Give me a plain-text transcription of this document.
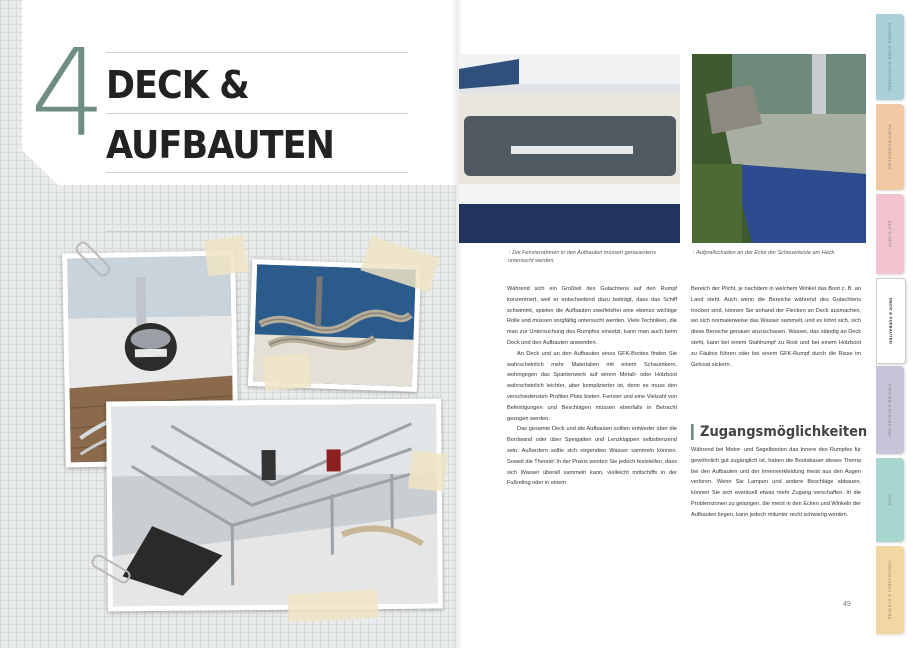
4 DECK &
AUFBAUTEN
↑ Die Fensterrahmen in den Aufbauten müssen genauestens untersucht werden.
↑ Aufprallschaden an der Ecke der Scheuerleiste am Heck.

Während sich ein Großteil des Gutachtens auf den Rumpf konzentriert, weil er entscheidend dazu beiträgt, dass das Schiff schwimmt, spielen die Aufbauten zweifelsfrei eine ebenso wichtige Rolle und müssen sorgfältig untersucht werden. Viele Techniken, die man zur Untersuchung des Rumpfes einsetzt, kann man auch beim Deck und den Aufbauten anwenden.

An Deck und an den Aufbauten eines GFK-Bootes finden Sie wahrscheinlich mehr Materialien mit einem Schaumkern, wohingegen das Spantenwerk auf einem Metall- oder Holzboot wahrscheinlich leichter, aber komplizierter ist, denn es muss den verschiedensten Profilen Platz bieten. Fenster und eine Vielzahl von Befestigungen und Beschlägen müssen ebenfalls in Betracht gezogen werden.

Das gesamte Deck und die Aufbauten sollten entweder über die Bordwand oder über Speigatten und Lenzklappen selbstlenzend sein. Außerdem sollte sich nirgendwo Wasser sammeln können. Soweit die Theorie! In der Praxis werden Sie jedoch feststellen, dass sich Wasser überall sammeln kann, vielleicht mittschiffs in der Fußreling oder in einem

Bereich der Plicht, je nachdem in welchem Winkel das Boot z. B. an Land steht. Auch wenn die Bereiche während des Gutachtens trocken sind, können Sie anhand der Flecken an Deck ausmachen, wo sich normalerweise das Wasser sammelt, und es lohnt sich, sich diese Bereiche genauer anzuschauen. Wasser, das ständig an Deck steht, kann bei einem Stahlrumpf zu Rost und bei einem Holzboot zu Fäulnis führen oder bei einem GFK-Rumpf durch die Risse im Gelcoat sickern.

Zugangsmöglichkeiten

Während bei Motor- und Segelbooten das Innere des Rumpfes für gewöhnlich gut zugänglich ist, haben die Bootsbauer dieses Thema bei den Aufbauten und der Innenverkleidung meist aus den Augen verloren. Wenn Sie Lampen und andere Beschläge abbauen, können Sie sich eventuell etwas mehr Zugang verschaffen. In die Problemzonen zu gelangen, die meist in den Ecken und Winkeln der Aufbauten liegen, kann jedoch mitunter recht schwierig werden.

49
AUSWAHL EINES GUTACHTERS
RUMPFMATERIALIEN
DER RUMPF
DECK & AUFBAUTEN
ANTRIEB & STEUERUNG
RIGG
INNENAUSBAU & SYSTEME
